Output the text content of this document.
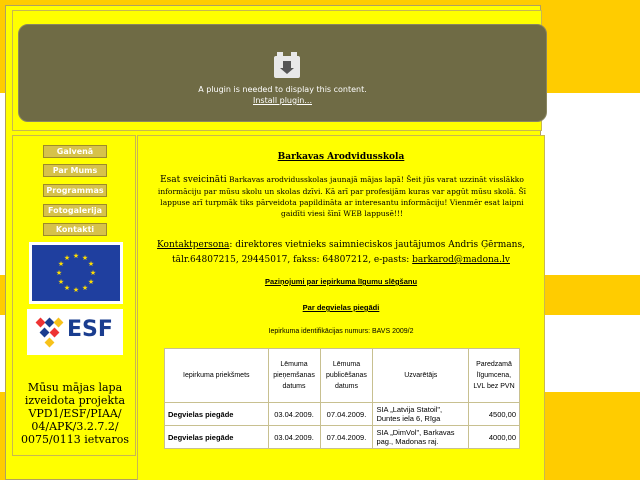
A plugin is needed to display this content.
Install plugin...
Galvenā
Par Mums
Programmas
Fotogalerija
Kontakti
★ ★
★
★
★
★
★
★
★
★
★
★
ESF
Mūsu mājas lapa izveidota projekta VPD1/ESF/PIAA/ 04/APK/3.2.7.2/ 0075/0113 ietvaros
Barkavas Arodvidusskola
Esat sveicināti Barkavas arodvidusskolas jaunajā mājas lapā! Šeit jūs varat uzzināt visslākko informāciju par mūsu skolu un skolas dzīvi. Kā arī par profesijām kuras var apgūt mūsu skolā. Šī lappuse arī turpmāk tiks pārveidota papildināta ar interesantu informāciju! Vienmēr esat laipni gaidīti viesi šīnī WEB lappusē!!!
Kontaktpersona: direktores vietnieks saimnieciskos jautājumos Andris Ģērmans, tālr.64807215, 29445017, fakss: 64807212, e-pasts: barkarod@madona.lv
Paziņojumi par iepirkuma līgumu slēgšanu
Par degvielas piegādi
Iepirkuma identifikācijas numurs: BAVS 2009/2
Iepirkuma priekšmets	Lēmuma pieņemšanas datums	Lēmuma publicēšanas datums	Uzvarētājs	Paredzamā līgumcena, LVL bez PVN
Degvielas piegāde	03.04.2009.	07.04.2009.	SIA „Latvija Statoil", Duntes iela 6, Rīga	4500,00
Degvielas piegāde	03.04.2009.	07.04.2009.	SIA „DimVol", Barkavas pag., Madonas raj.	4000,00
